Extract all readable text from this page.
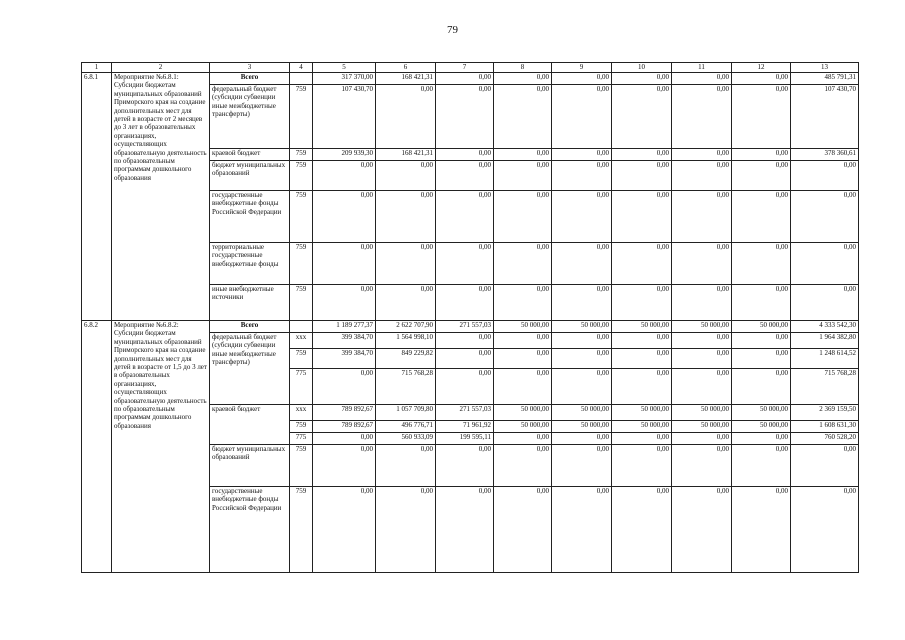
79
1	2	3	4	5	6	7	8	9	10	11	12	13
6.8.1	Мероприятие №6.8.1: Субсидии бюджетам муниципальных образований Приморского края на создание дополнительных мест для детей в возрасте от 2 месяцев до 3 лет в образовательных организациях, осуществляющих образовательную деятельность по образовательным программам дошкольного образования	Всего		317 370,00	168 421,31	0,00	0,00	0,00	0,00	0,00	0,00	485 791,31
		федеральный бюджет (субсидии субвенции иные межбюджетные трансферты)	759	107 430,70	0,00	0,00	0,00	0,00	0,00	0,00	0,00	107 430,70
		краевой бюджет	759	209 939,30	168 421,31	0,00	0,00	0,00	0,00	0,00	0,00	378 360,61
		бюджет муниципальных образований	759	0,00	0,00	0,00	0,00	0,00	0,00	0,00	0,00	0,00
		государственные внебюджетные фонды Российской Федерации	759	0,00	0,00	0,00	0,00	0,00	0,00	0,00	0,00	0,00
		территориальные государственные внебюджетные фонды	759	0,00	0,00	0,00	0,00	0,00	0,00	0,00	0,00	0,00
		иные внебюджетные источники	759	0,00	0,00	0,00	0,00	0,00	0,00	0,00	0,00	0,00
6.8.2	Мероприятие №6.8.2: Субсидии бюджетам муниципальных образований Приморского края на создание дополнительных мест для детей в возрасте от 1,5 до 3 лет в образовательных организациях, осуществляющих образовательную деятельность по образовательным программам дошкольного образования	Всего		1 189 277,37	2 622 707,90	271 557,03	50 000,00	50 000,00	50 000,00	50 000,00	50 000,00	4 333 542,30
		федеральный бюджет (субсидии субвенции иные межбюджетные трансферты)	xxx	399 384,70	1 564 998,10	0,00	0,00	0,00	0,00	0,00	0,00	1 964 382,80
			759	399 384,70	849 229,82	0,00	0,00	0,00	0,00	0,00	0,00	1 248 614,52
			775	0,00	715 768,28	0,00	0,00	0,00	0,00	0,00	0,00	715 768,28
		краевой бюджет	xxx	789 892,67	1 057 709,80	271 557,03	50 000,00	50 000,00	50 000,00	50 000,00	50 000,00	2 369 159,50
			759	789 892,67	496 776,71	71 961,92	50 000,00	50 000,00	50 000,00	50 000,00	50 000,00	1 608 631,30
			775	0,00	560 933,09	199 595,11	0,00	0,00	0,00	0,00	0,00	760 528,20
		бюджет муниципальных образований	759	0,00	0,00	0,00	0,00	0,00	0,00	0,00	0,00	0,00
		государственные внебюджетные фонды Российской Федерации	759	0,00	0,00	0,00	0,00	0,00	0,00	0,00	0,00	0,00
